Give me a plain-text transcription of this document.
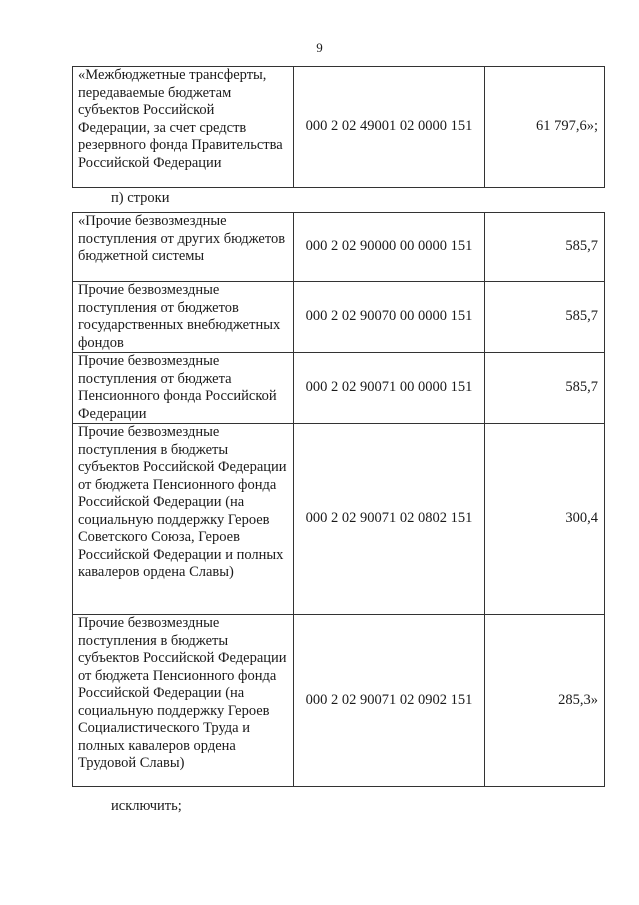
9
«Межбюджетные трансферты, передаваемые бюджетам субъектов Российской Федерации, за счет средств резервного фонда Правительства Российской Федерации	000 2 02 49001 02 0000 151	61 797,6»;
п) строки
«Прочие безвозмездные поступления от других бюджетов бюджетной системы	000 2 02 90000 00 0000 151	585,7
Прочие безвозмездные поступления от бюджетов государственных внебюджетных фондов	000 2 02 90070 00 0000 151	585,7
Прочие безвозмездные поступления от бюджета Пенсионного фонда Российской Федерации	000 2 02 90071 00 0000 151	585,7
Прочие безвозмездные поступления в бюджеты субъектов Российской Федерации от бюджета Пенсионного фонда Российской Федерации (на социальную поддержку Героев Советского Союза, Героев Российской Федерации и полных кавалеров ордена Славы)	000 2 02 90071 02 0802 151	300,4
Прочие безвозмездные поступления в бюджеты субъектов Российской Федерации от бюджета Пенсионного фонда Российской Федерации (на социальную поддержку Героев Социалистического Труда и полных кавалеров ордена Трудовой Славы)	000 2 02 90071 02 0902 151	285,3»
исключить;
